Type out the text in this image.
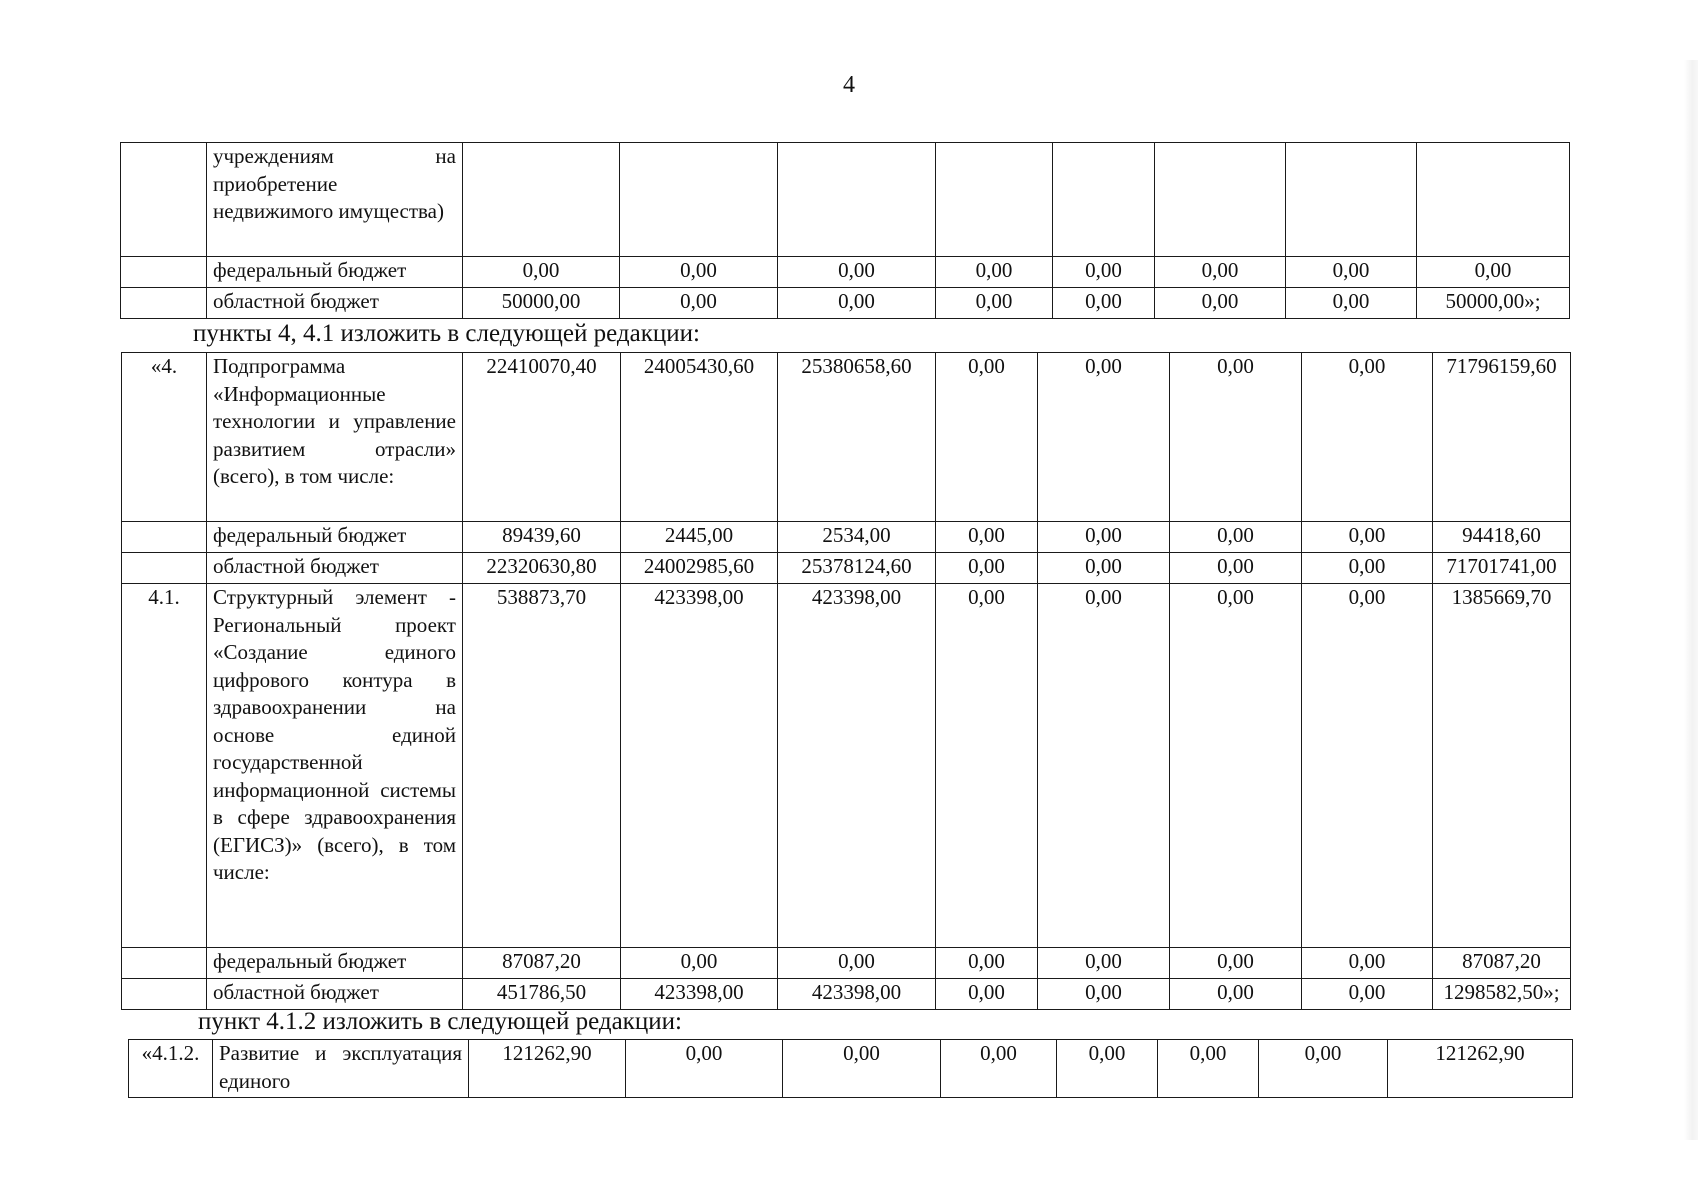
4
	учреждениям на приобретение недвижимого имущества)								
	федеральный бюджет	0,00	0,00	0,00	0,00	0,00	0,00	0,00	0,00
	областной бюджет	50000,00	0,00	0,00	0,00	0,00	0,00	0,00	50000,00»;
пункты 4, 4.1 изложить в следующей редакции:
«4.	Подпрограмма «Информационные технологии и управление развитием отрасли» (всего), в том числе:	22410070,40	24005430,60	25380658,60	0,00	0,00	0,00	0,00	71796159,60
	федеральный бюджет	89439,60	2445,00	2534,00	0,00	0,00	0,00	0,00	94418,60
	областной бюджет	22320630,80	24002985,60	25378124,60	0,00	0,00	0,00	0,00	71701741,00
4.1.	Структурный элемент - Региональный проект «Создание единого цифрового контура в здравоохранении на основе единой государственной информационной системы в сфере здравоохранения (ЕГИСЗ)» (всего), в том числе:	538873,70	423398,00	423398,00	0,00	0,00	0,00	0,00	1385669,70
	федеральный бюджет	87087,20	0,00	0,00	0,00	0,00	0,00	0,00	87087,20
	областной бюджет	451786,50	423398,00	423398,00	0,00	0,00	0,00	0,00	1298582,50»;
пункт 4.1.2 изложить в следующей редакции:
«4.1.2.	Развитие и эксплуатация единого	121262,90	0,00	0,00	0,00	0,00	0,00	0,00	121262,90
